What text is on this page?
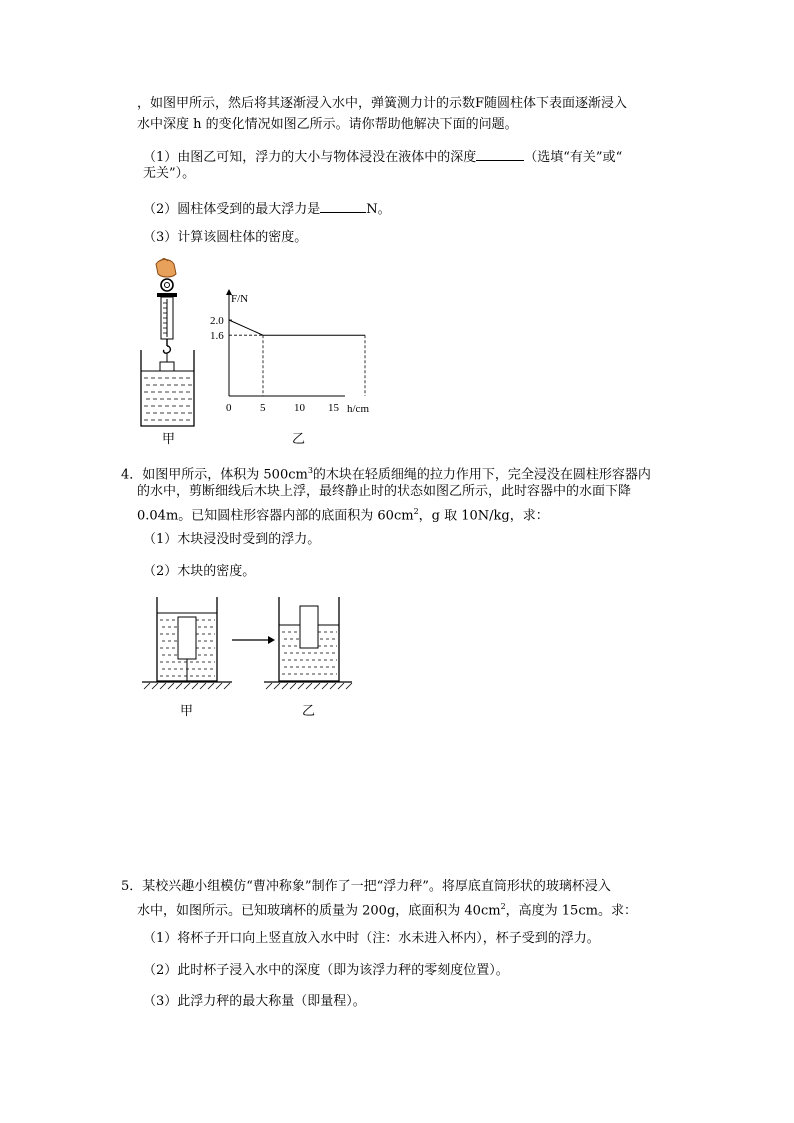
，如图甲所示，然后将其逐渐浸入水中，弹簧测力计的示数F随圆柱体下表面逐渐浸入
水中深度 h 的变化情况如图乙所示。请你帮助他解决下面的问题。
（1）由图乙可知，浮力的大小与物体浸没在液体中的深度	（选填“有关”或“
无关”）。
（2）圆柱体受到的最大浮力是	N。
（3）计算该圆柱体的密度。
甲
F/N
h/cm
0	5	10 15
2.0
1.6
乙
4．如图甲所示，体积为 $500cm^3$的木块在轻质细绳的拉力作用下，完全浸没在圆柱形容器内
的水中，剪断细线后木块上浮，最终静止时的状态如图乙所示，此时容器中的水面下降
0.04m。已知圆柱形容器内部的底面积为 $60cm^2$，g 取 10N/kg，求：
（1）木块浸没时受到的浮力。
（2）木块的密度。
甲	乙
5．某校兴趣小组模仿“曹冲称象”制作了一把“浮力秤”。将厚底直筒形状的玻璃杯浸入
水中，如图所示。已知玻璃杯的质量为 200g，底面积为 $40cm^2$，高度为 15cm。求：
（1）将杯子开口向上竖直放入水中时（注：水未进入杯内），杯子受到的浮力。
（2）此时杯子浸入水中的深度（即为该浮力秤的零刻度位置）。
（3）此浮力秤的最大称量（即量程）。
